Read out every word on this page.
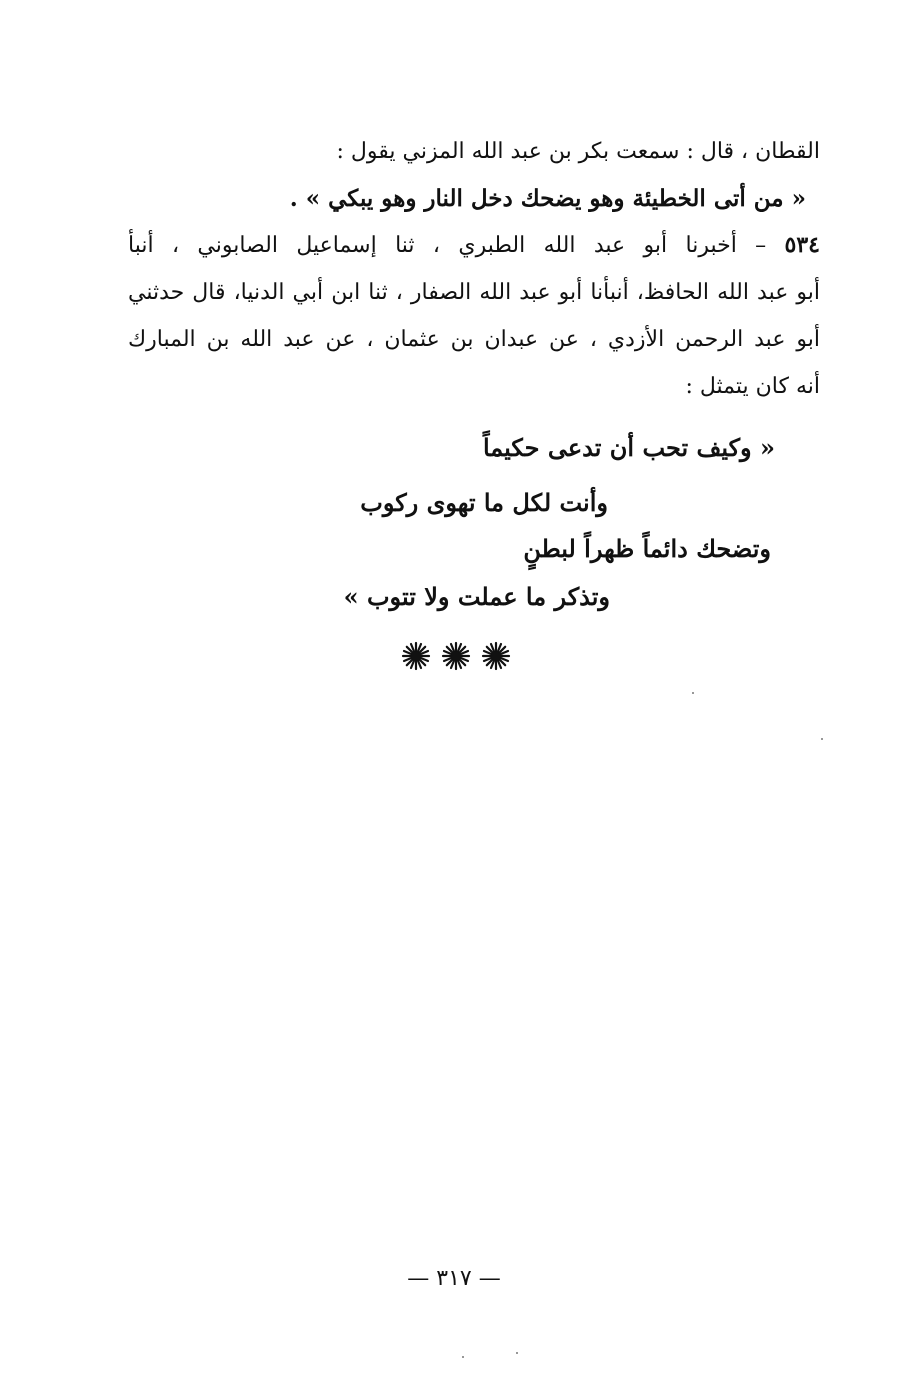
القطان ، قال : سمعت بكر بن عبد الله المزني يقول :
« من أتى الخطيئة وهو يضحك دخل النار وهو يبكي » .
٥٣٤ – أخبرنا أبو عبد الله الطبري ، ثنا إسماعيل الصابوني ، أنبأ
أبو عبد الله الحافظ، أنبأنا أبو عبد الله الصفار ، ثنا ابن أبي الدنيا، قال حدثني
أبو عبد الرحمن الأزدي ، عن عبدان بن عثمان ، عن عبد الله بن المبارك
أنه كان يتمثل :
« وكيف تحب أن تدعى حكيماً
وأنت لكل ما تهوى ركوب
وتضحك دائماً ظهراً لبطنٍ
وتذكر ما عملت ولا تتوب »
— ٣١٧ —
